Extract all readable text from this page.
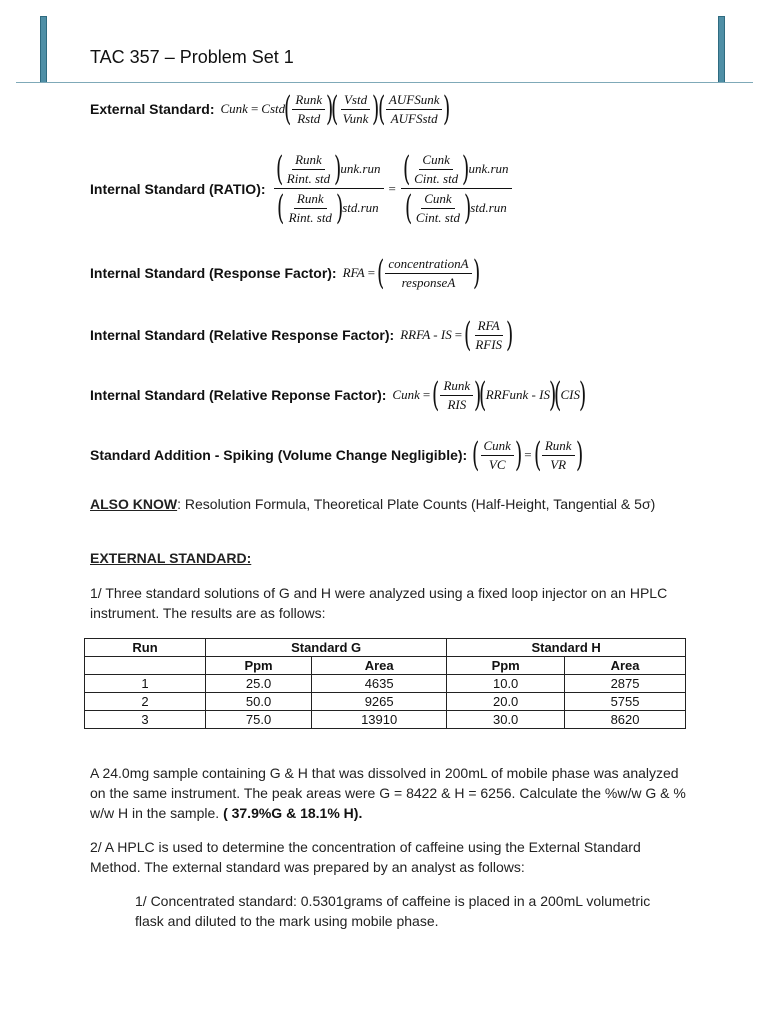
TAC 357 – Problem Set 1
External Standard: Cunk = Cstd
( $\frac{\text{Runk}}{\text{Rstd}}$ )
( $\frac{\text{Vstd}}{\text{Vunk}}$ )
( $\frac{\text{AUFSunk}}{\text{AUFSstd}}$ )
Internal Standard (RATIO) : ( $\frac{\text{Runk}}{\text{Rint. std}}$ )
unk.run
( $\frac{\text{Runk}}{\text{Rint. std}}$ )
std.run = ( $\frac{\text{Cunk}}{\text{Cint. std}}$ )
unk.run
( $\frac{\text{Cunk}}{\text{Cint. std}}$ )
std.run
Internal Standard (Response Factor): RFA = ( $\frac{\text{concentrationA}}{\text{responseA}}$ )
Internal Standard (Relative Response Factor): RRFA - IS = ( $\frac{\text{RFA}}{\text{RFIS}}$ )
Internal Standard (Relative Reponse Factor): Cunk = ( $\frac{\text{Runk}}{\text{RIS}}$ )
(
RRFunk - IS
)
(
CIS
)
Standard Addition - Spiking (Volume Change Negligible): ( $\frac{\text{Cunk}}{VC}$ ) = ( $\frac{\text{Runk}}{VR}$ )
ALSO KNOW: Resolution Formula, Theoretical Plate Counts (Half-Height, Tangential & 5σ)
EXTERNAL STANDARD:
1/ Three standard solutions of G and H were analyzed using a fixed loop injector on an HPLC instrument. The results are as follows:
Run	Standard G		Standard H	
	Ppm	Area	Ppm	Area
1	25.0	4635	10.0	2875
2	50.0	9265	20.0	5755
3	75.0	13910	30.0	8620
A 24.0mg sample containing G & H that was dissolved in 200mL of mobile phase was analyzed on the same instrument. The peak areas were G = 8422 & H = 6256. Calculate the %w/w G & % w/w H in the sample. ( 37.9%G & 18.1% H).
2/ A HPLC is used to determine the concentration of caffeine using the External Standard Method. The external standard was prepared by an analyst as follows:
1/ Concentrated standard: 0.5301grams of caffeine is placed in a 200mL volumetric flask and diluted to the mark using mobile phase.
